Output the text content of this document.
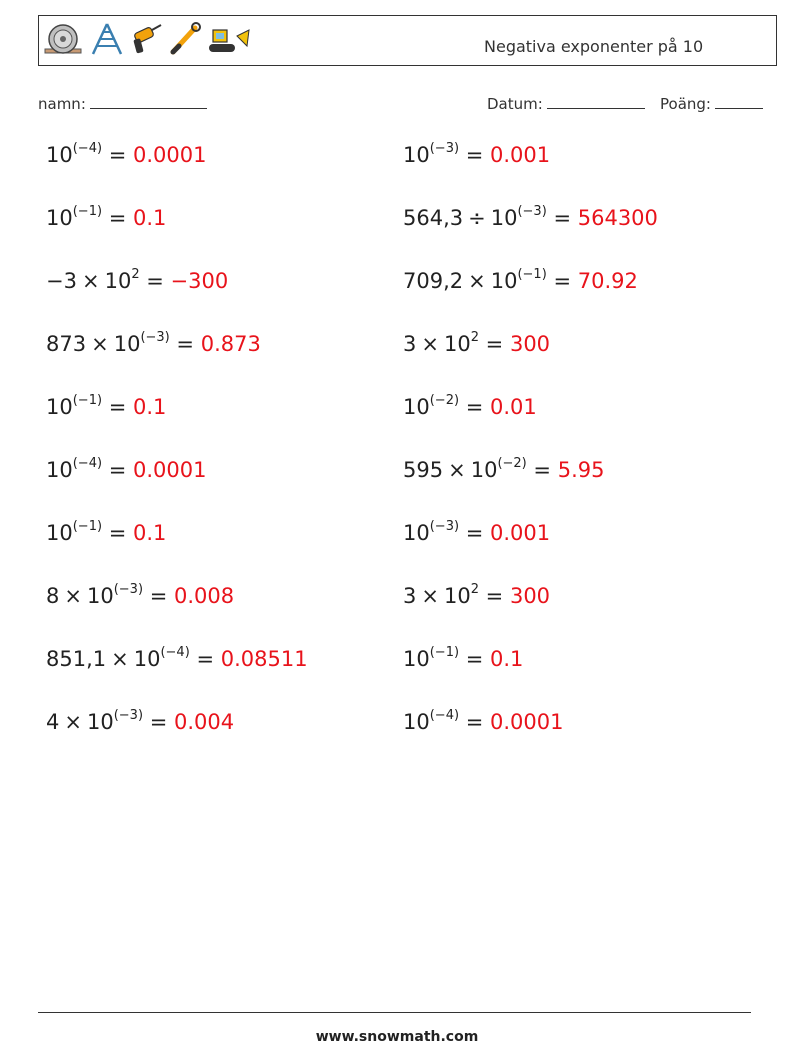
Negativa exponenter på 10
namn:	Datum:	Poäng:
$10^{(-4)} = 0.0001$	$10^{(-3)} = 0.001$
$10^{(-1)} = 0.1$	$564,3 \div 10^{(-3)} = 564300$
$-3 \times 10^2 = -300$	$709,2 \times 10^{(-1)} = 70.92$
$873 \times 10^{(-3)} = 0.873$	$3 \times 10^2 = 300$
$10^{(-1)} = 0.1$	$10^{(-2)} = 0.01$
$10^{(-4)} = 0.0001$	$595 \times 10^{(-2)} = 5.95$
$10^{(-1)} = 0.1$	$10^{(-3)} = 0.001$
$8 \times 10^{(-3)} = 0.008$	$3 \times 10^2 = 300$
$851,1 \times 10^{(-4)} = 0.08511$	$10^{(-1)} = 0.1$
$4 \times 10^{(-3)} = 0.004$	$10^{(-4)} = 0.0001$
www.snowmath.com
